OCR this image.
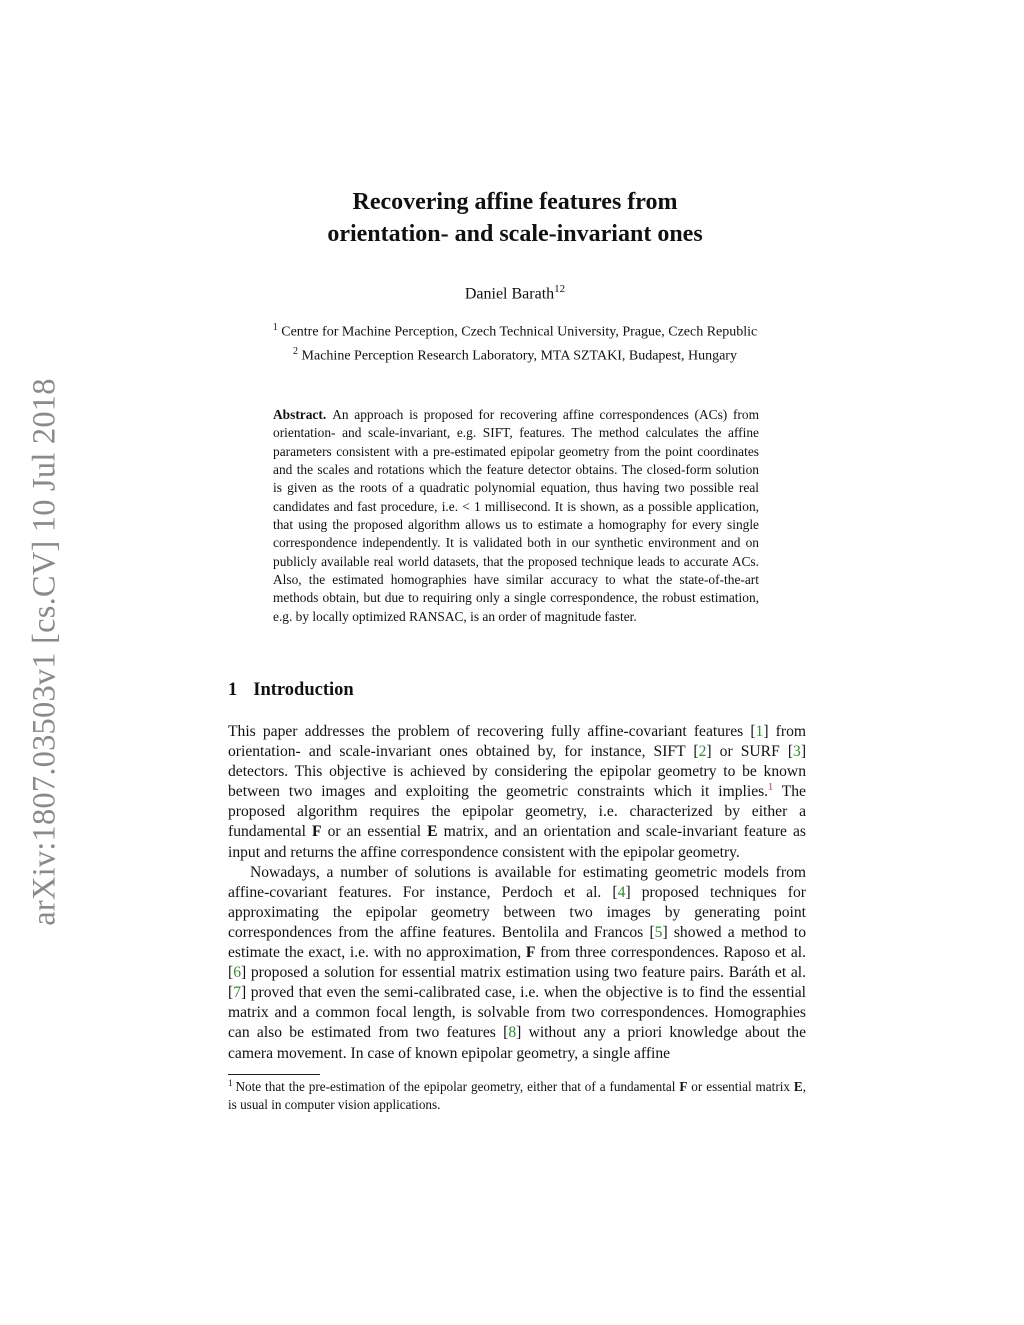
arXiv:1807.03503v1 [cs.CV] 10 Jul 2018
Recovering affine features from
orientation- and scale-invariant ones
Daniel Barath$^{12}$
$^1$ Centre for Machine Perception, Czech Technical University, Prague, Czech Republic
$^2$ Machine Perception Research Laboratory, MTA SZTAKI, Budapest, Hungary
Abstract. An approach is proposed for recovering affine correspondences (ACs) from orientation- and scale-invariant, e.g. SIFT, features. The method calculates the affine parameters consistent with a pre-estimated epipolar geometry from the point coordinates and the scales and rotations which the feature detector obtains. The closed-form solution is given as the roots of a quadratic polynomial equation, thus having two possible real candidates and fast procedure, i.e. < 1 millisecond. It is shown, as a possible application, that using the proposed algorithm allows us to estimate a homography for every single correspondence independently. It is validated both in our synthetic environment and on publicly available real world datasets, that the proposed technique leads to accurate ACs. Also, the estimated homographies have similar accuracy to what the state-of-the-art methods obtain, but due to requiring only a single correspondence, the robust estimation, e.g. by locally optimized RANSAC, is an order of magnitude faster.
1 Introduction

This paper addresses the problem of recovering fully affine-covariant features [1] from orientation- and scale-invariant ones obtained by, for instance, SIFT [2] or SURF [3] detectors. This objective is achieved by considering the epipolar geometry to be known between two images and exploiting the geometric constraints which it implies.$^1$ The proposed algorithm requires the epipolar geometry, i.e. characterized by either a fundamental F or an essential E matrix, and an orientation and scale-invariant feature as input and returns the affine correspondence consistent with the epipolar geometry.

Nowadays, a number of solutions is available for estimating geometric models from affine-covariant features. For instance, Perdoch et al. [4] proposed techniques for approximating the epipolar geometry between two images by generating point correspondences from the affine features. Bentolila and Francos [5] showed a method to estimate the exact, i.e. with no approximation, F from three correspondences. Raposo et al. [6] proposed a solution for essential matrix estimation using two feature pairs. Baráth et al. [7] proved that even the semi-calibrated case, i.e. when the objective is to find the essential matrix and a common focal length, is solvable from two correspondences. Homographies can also be estimated from two features [8] without any a priori knowledge about the camera movement. In case of known epipolar geometry, a single affine

$^1$ Note that the pre-estimation of the epipolar geometry, either that of a fundamental F or essential matrix E, is usual in computer vision applications.
